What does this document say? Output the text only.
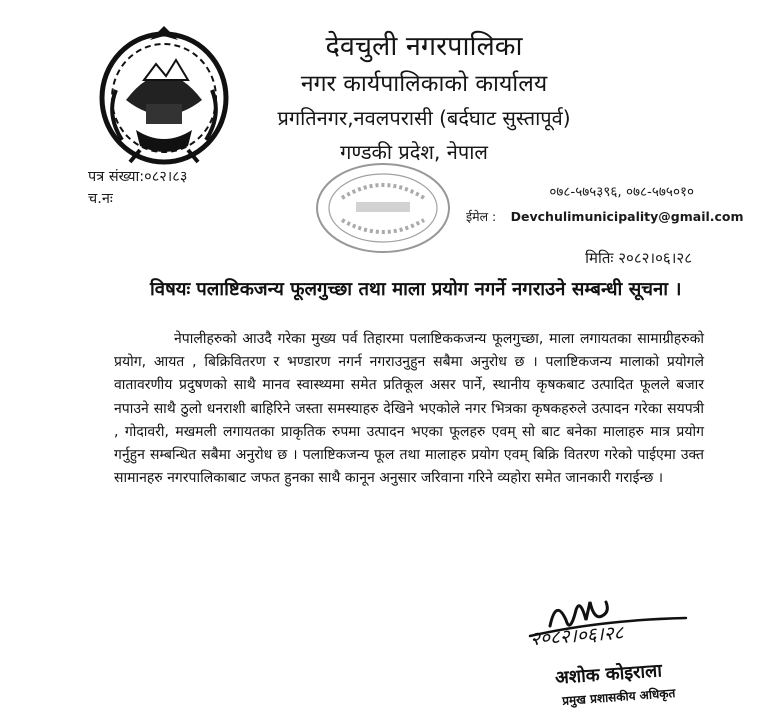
देवचुली नगरपालिका
नगर कार्यपालिकाको कार्यालय
प्रगतिनगर,नवलपरासी (बर्दघाट सुस्तापूर्व)
गण्डकी प्रदेश, नेपाल
पत्र संख्या:०८२।८३
च.नः	०७८-५७५३९६, ०७८-५७५०१०
ईमेल : Devchulimunicipality@gmail.com
मितिः २०८२।०६।२८
विषयः पलाष्टिकजन्य फूलगुच्छा तथा माला प्रयोग नगर्ने नगराउने सम्बन्धी सूचना ।

नेपालीहरुको आउदै गरेका मुख्य पर्व तिहारमा पलाष्टिककजन्य फूलगुच्छा, माला लगायतका सामाग्रीहरुको प्रयोग, आयत , बिक्रिवितरण र भण्डारण नगर्न नगराउनुहुन सबैमा अनुरोध छ । पलाष्टिकजन्य मालाको प्रयोगले वातावरणीय प्रदुषणको साथै मानव स्वास्थ्यमा समेत प्रतिकूल असर पार्ने, स्थानीय कृषकबाट उत्पादित फूलले बजार नपाउने साथै ठुलो धनराशी बाहिरिने जस्ता समस्याहरु देखिने भएकोले नगर भित्रका कृषकहरुले उत्पादन गरेका सयपत्री , गोदावरी, मखमली लगायतका प्राकृतिक रुपमा उत्पादन भएका फूलहरु एवम् सो बाट बनेका मालाहरु मात्र प्रयोग गर्नुहुन सम्बन्धित सबैमा अनुरोध छ । पलाष्टिकजन्य फूल तथा मालाहरु प्रयोग एवम् बिक्रि वितरण गरेको पाईएमा उक्त सामानहरु नगरपालिकाबाट जफत हुनका साथै कानून अनुसार जरिवाना गरिने व्यहोरा समेत जानकारी गराईन्छ ।

२०८२।०६।२८
अशोक कोइराला
प्रमुख प्रशासकीय अधिकृत
